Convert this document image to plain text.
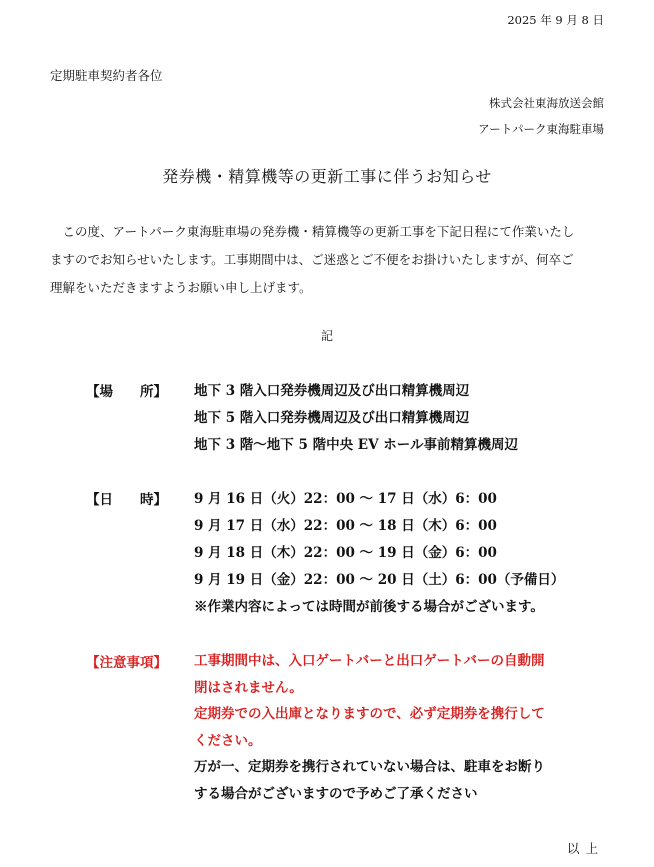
2025 年 9 月 8 日
定期駐車契約者各位
株式会社東海放送会館
アートパーク東海駐車場
発券機・精算機等の更新工事に伴うお知らせ

この度、アートパーク東海駐車場の発券機・精算機等の更新工事を下記日程にて作業いたし
ますのでお知らせいたします。工事期間中は、ご迷惑とご不便をお掛けいたしますが、何卒ご
理解をいただきますようお願い申し上げます。

記
【場　　所】 地下 3 階入口発券機周辺及び出口精算機周辺
地下 5 階入口発券機周辺及び出口精算機周辺
地下 3 階～地下 5 階中央 EV ホール事前精算機周辺
【日　　時】 9 月 16 日（火）22：00 ～ 17 日（水）6：00
9 月 17 日（水）22：00 ～ 18 日（木）6：00
9 月 18 日（木）22：00 ～ 19 日（金）6：00
9 月 19 日（金）22：00 ～ 20 日（土）6：00（予備日）
※作業内容によっては時間が前後する場合がございます。
【注意事項】 工事期間中は、入口ゲートバーと出口ゲートバーの自動開
閉はされません。
定期券での入出庫となりますので、必ず定期券を携行して
ください。
万が一、定期券を携行されていない場合は、駐車をお断り
する場合がございますので予めご了承ください
以上
